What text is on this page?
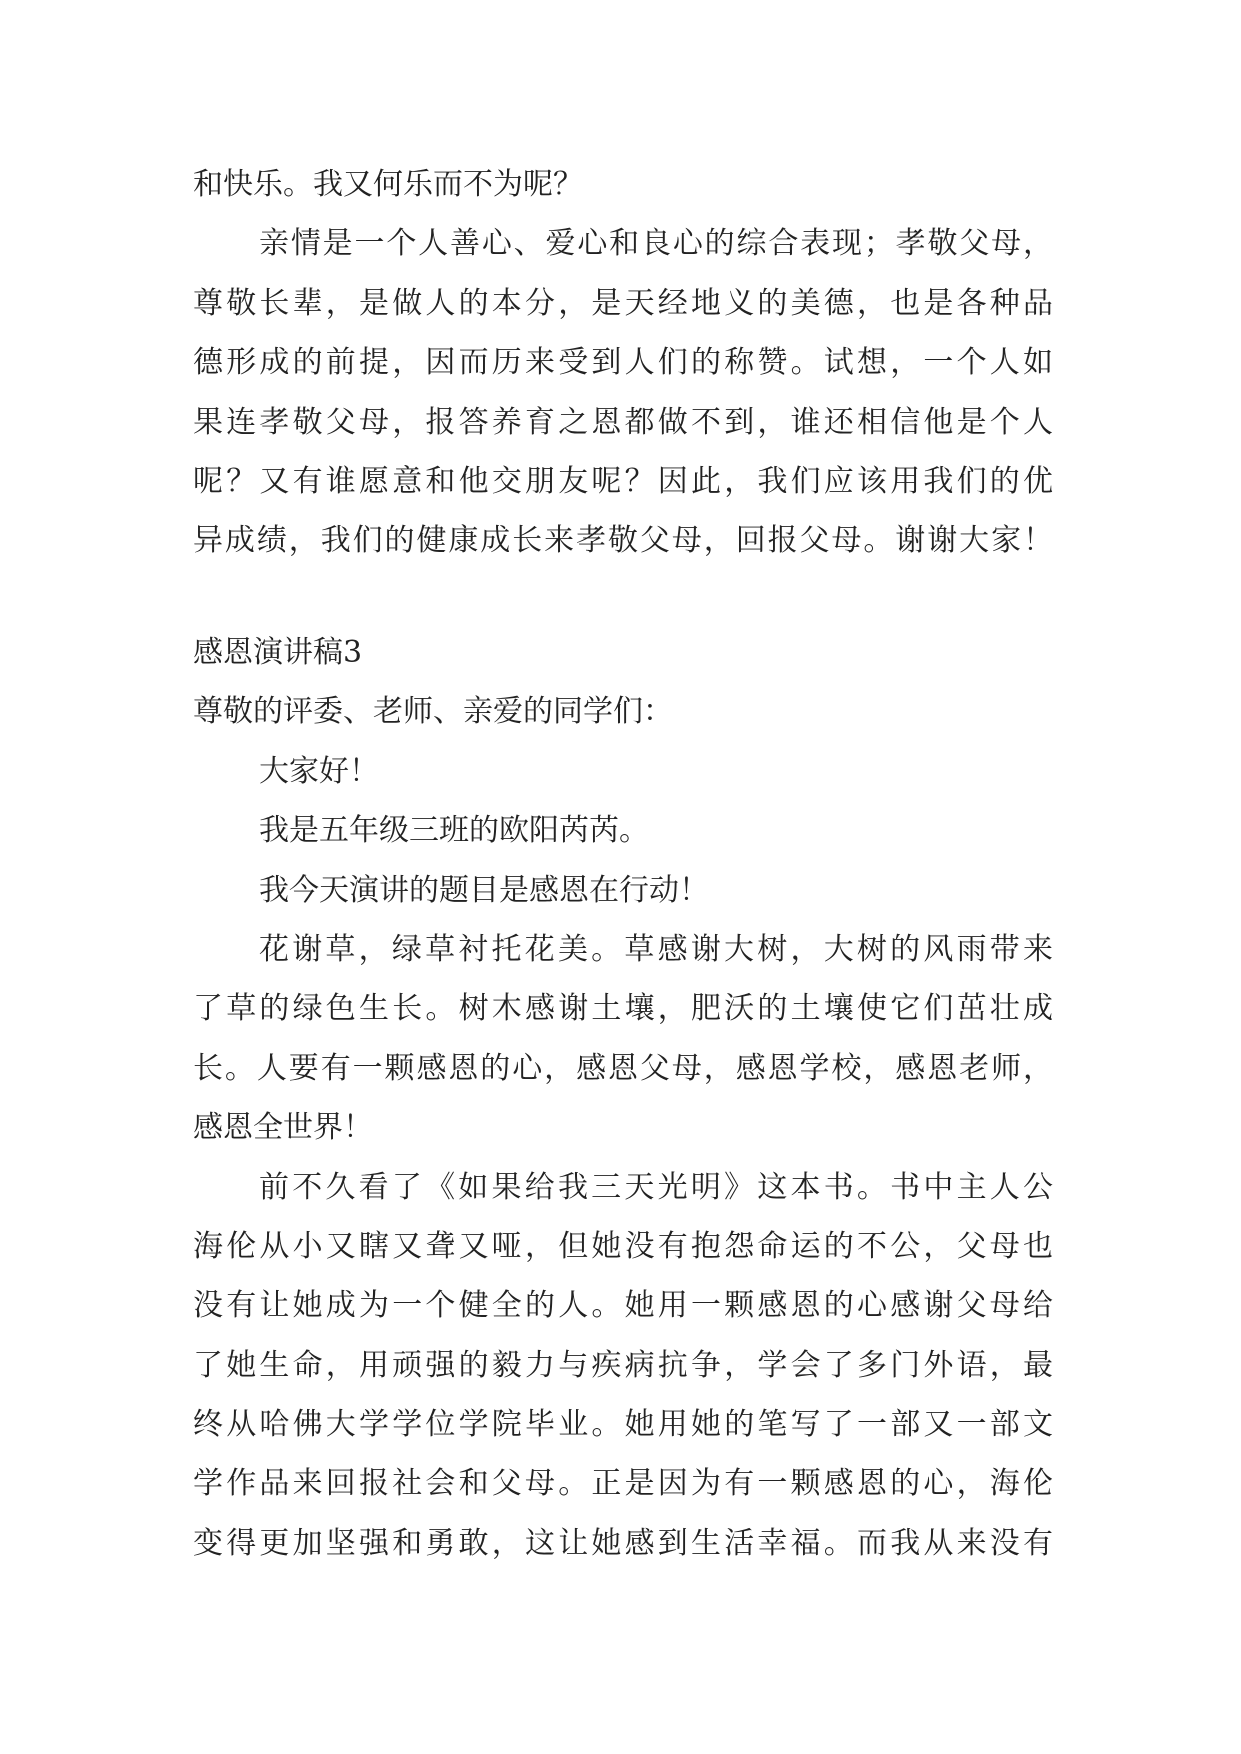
和快乐。我又何乐而不为呢？
亲情是一个人善心、爱心和良心的综合表现；孝敬父母，
尊敬长辈，是做人的本分，是天经地义的美德，也是各种品
德形成的前提，因而历来受到人们的称赞。试想，一个人如
果连孝敬父母，报答养育之恩都做不到，谁还相信他是个人
呢？又有谁愿意和他交朋友呢？因此，我们应该用我们的优
异成绩，我们的健康成长来孝敬父母，回报父母。谢谢大家！
感恩演讲稿3
尊敬的评委、老师、亲爱的同学们：
大家好！
我是五年级三班的欧阳芮芮。
我今天演讲的题目是感恩在行动！
花谢草，绿草衬托花美。草感谢大树，大树的风雨带来
了草的绿色生长。树木感谢土壤，肥沃的土壤使它们茁壮成
长。人要有一颗感恩的心，感恩父母，感恩学校，感恩老师，
感恩全世界！
前不久看了《如果给我三天光明》这本书。书中主人公
海伦从小又瞎又聋又哑，但她没有抱怨命运的不公，父母也
没有让她成为一个健全的人。她用一颗感恩的心感谢父母给
了她生命，用顽强的毅力与疾病抗争，学会了多门外语，最
终从哈佛大学学位学院毕业。她用她的笔写了一部又一部文
学作品来回报社会和父母。正是因为有一颗感恩的心，海伦
变得更加坚强和勇敢，这让她感到生活幸福。而我从来没有
